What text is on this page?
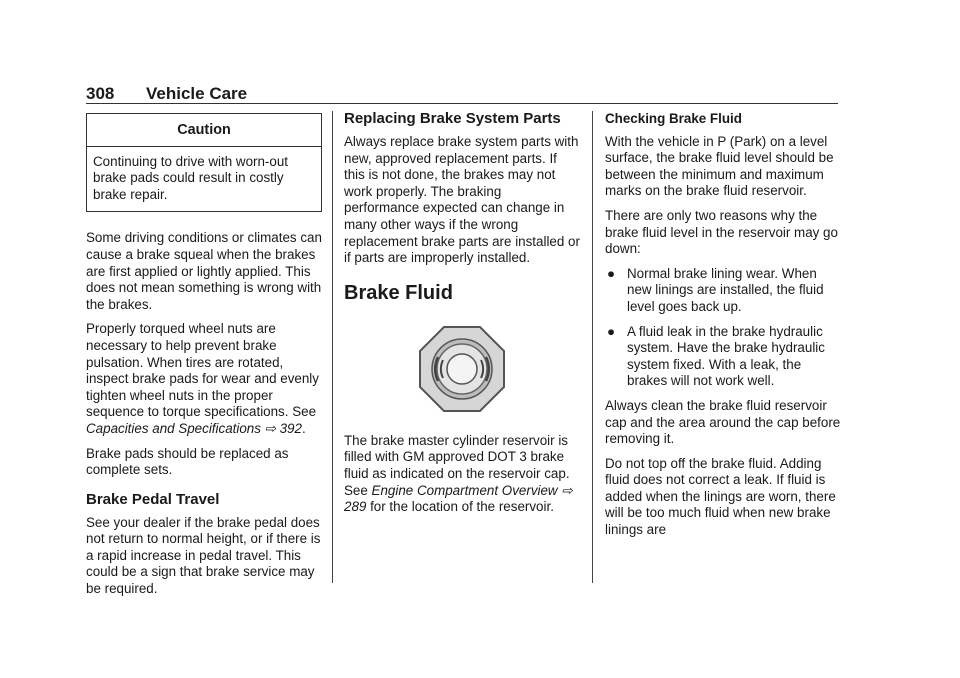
308 Vehicle Care
Caution

Continuing to drive with worn-out

brake pads could result in costly

brake repair.

Some driving conditions or climates can cause a brake squeal when the brakes are first applied or lightly applied. This does not mean something is wrong with the brakes.

Properly torqued wheel nuts are necessary to help prevent brake pulsation. When tires are rotated, inspect brake pads for wear and evenly tighten wheel nuts in the proper sequence to torque specifications. See Capacities and Specifications ⇨ 392.

Brake pads should be replaced as complete sets.

Brake Pedal Travel

See your dealer if the brake pedal does not return to normal height, or if there is a rapid increase in pedal travel. This could be a sign that brake service may be required.

Replacing Brake System Parts

Always replace brake system parts with new, approved replacement parts. If this is not done, the brakes may not work properly. The braking performance expected can change in many other ways if the wrong replacement brake parts are installed or if parts are improperly installed.

Brake Fluid

The brake master cylinder reservoir is filled with GM approved DOT 3 brake fluid as indicated on the reservoir cap. See Engine Compartment Overview ⇨ 289 for the location of the reservoir.

Checking Brake Fluid

With the vehicle in P (Park) on a level surface, the brake fluid level should be between the minimum and maximum marks on the brake fluid reservoir.

There are only two reasons why the brake fluid level in the reservoir may go down:

● Normal brake lining wear. When new linings are installed, the fluid level goes back up.
● A fluid leak in the brake hydraulic system. Have the brake hydraulic system fixed. With a leak, the brakes will not work well.

Always clean the brake fluid reservoir cap and the area around the cap before removing it.

Do not top off the brake fluid. Adding fluid does not correct a leak. If fluid is added when the linings are worn, there will be too much fluid when new brake linings are
